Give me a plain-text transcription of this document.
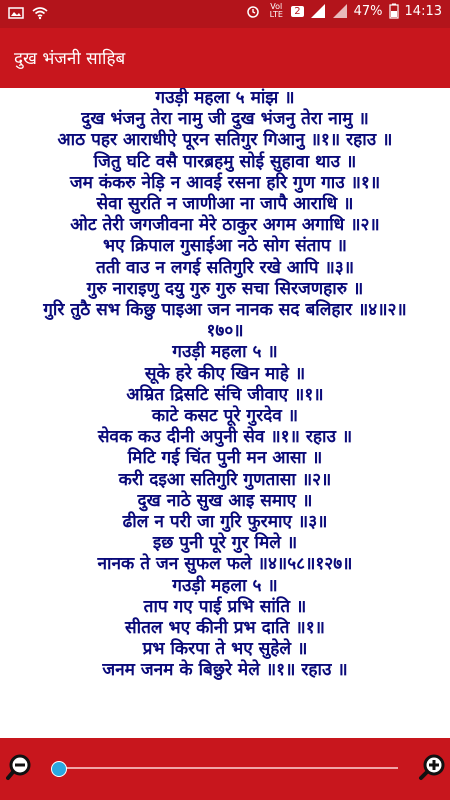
Vol LTE	2	47% 14:13
दुख भंजनी साहिब
गउड़ी महला ५ मांझ ॥
दुख भंजनु तेरा नामु जी दुख भंजनु तेरा नामु ॥
आठ पहर आराधीऐ पूरन सतिगुर गिआनु ॥१॥ रहाउ ॥
जितु घटि वसै पारब्रहमु सोई सुहावा थाउ ॥
जम कंकरु नेड़ि न आवई रसना हरि गुण गाउ ॥१॥
सेवा सुरति न जाणीआ ना जापै आराधि ॥
ओट तेरी जगजीवना मेरे ठाकुर अगम अगाधि ॥२॥
भए क्रिपाल गुसाईआ नठे सोग संताप ॥
तती वाउ न लगई सतिगुरि रखे आपि ॥३॥
गुरु नाराइणु दयु गुरु गुरु सचा सिरजणहारु ॥
गुरि तुठै सभ किछु पाइआ जन नानक सद बलिहार ॥४॥२॥
१७०॥
गउड़ी महला ५ ॥
सूके हरे कीए खिन माहे ॥
अम्रित द्रिसटि संचि जीवाए ॥१॥
काटे कसट पूरे गुरदेव ॥
सेवक कउ दीनी अपुनी सेव ॥१॥ रहाउ ॥
मिटि गई चिंत पुनी मन आसा ॥
करी दइआ सतिगुरि गुणतासा ॥२॥
दुख नाठे सुख आइ समाए ॥
ढील न परी जा गुरि फुरमाए ॥३॥
इछ पुनी पूरे गुर मिले ॥
नानक ते जन सुफल फले ॥४॥५८॥१२७॥
गउड़ी महला ५ ॥
ताप गए पाई प्रभि सांति ॥
सीतल भए कीनी प्रभ दाति ॥१॥
प्रभ किरपा ते भए सुहेले ॥
जनम जनम के बिछुरे मेले ॥१॥ रहाउ ॥
